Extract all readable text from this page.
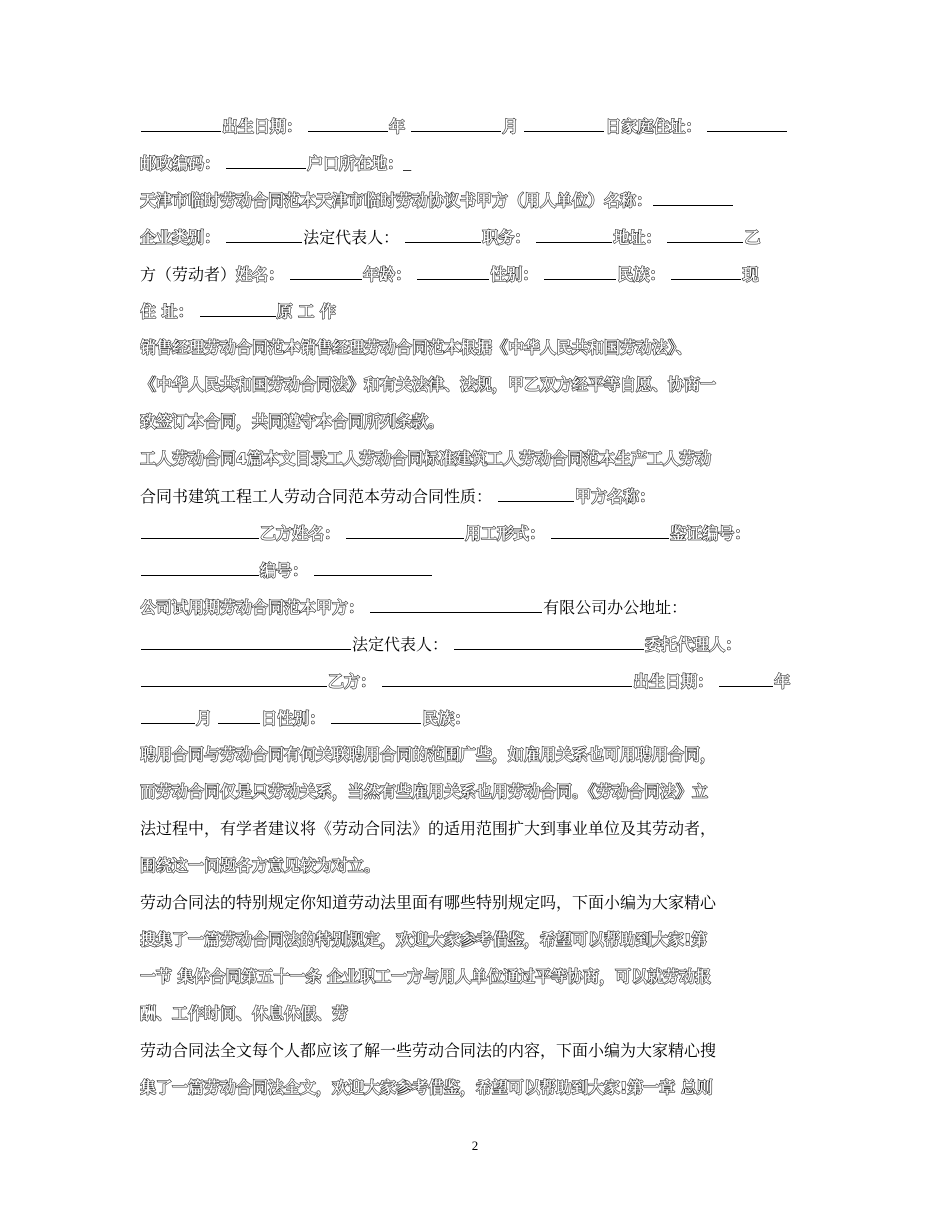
出生日期：	年	月	日家庭住址：
邮政编码：	户口所在地：_
天津市临时劳动合同范本天津市临时劳动协议书甲方（用人单位）名称：
企业类别：	法定代表人：	职务：	地址：	乙
方（劳动者）姓名：	年龄：	性别：	民族：	现
住 址：	原 工 作
销售经理劳动合同范本销售经理劳动合同范本根据《中华人民共和国劳动法》、
《中华人民共和国劳动合同法》和有关法律、法规，甲乙双方经平等自愿、协商一
致签订本合同，共同遵守本合同所列条款。
工人劳动合同4篇本文目录工人劳动合同标准建筑工人劳动合同范本生产工人劳动
合同书建筑工程工人劳动合同范本劳动合同性质：	甲方名称：
乙方姓名：	用工形式：	鉴证编号：
编号：
公司试用期劳动合同范本甲方：	有限公司办公地址：
法定代表人：	委托代理人：
乙方：	出生日期：	年
月	日性别：	民族：
聘用合同与劳动合同有何关联聘用合同的范围广些，如雇用关系也可用聘用合同，
而劳动合同仅是只劳动关系，当然有些雇用关系也用劳动合同。《劳动合同法》立
法过程中，有学者建议将《劳动合同法》的适用范围扩大到事业单位及其劳动者，
围绕这一问题各方意见较为对立。
劳动合同法的特别规定你知道劳动法里面有哪些特别规定吗，下面小编为大家精心
搜集了一篇劳动合同法的特别规定，欢迎大家参考借鉴，希望可以帮助到大家!第
一节 集体合同第五十一条 企业职工一方与用人单位通过平等协商，可以就劳动报
酬、工作时间、休息休假、劳
劳动合同法全文每个人都应该了解一些劳动合同法的内容，下面小编为大家精心搜
集了一篇劳动合同法全文，欢迎大家参考借鉴，希望可以帮助到大家!第一章 总则
2
